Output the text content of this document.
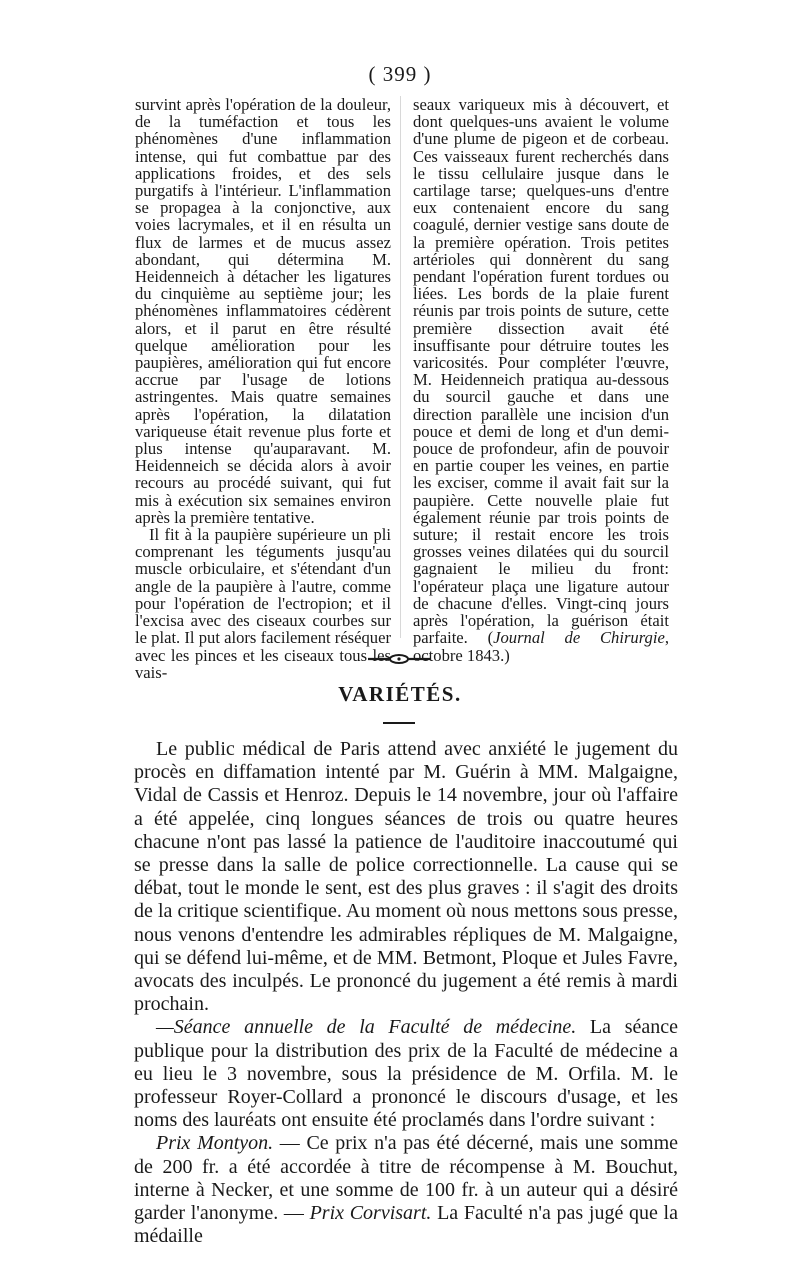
( 399 )

survint après l'opération de la douleur, de la tuméfaction et tous les phénomènes d'une inflammation intense, qui fut combattue par des applications froides, et des sels purgatifs à l'intérieur. L'inflammation se propagea à la conjonctive, aux voies lacrymales, et il en résulta un flux de larmes et de mucus assez abondant, qui détermina M. Heidenneich à détacher les ligatures du cinquième au septième jour; les phénomènes inflammatoires cédèrent alors, et il parut en être résulté quelque amélioration pour les paupières, amélioration qui fut encore accrue par l'usage de lotions astringentes. Mais quatre semaines après l'opération, la dilatation variqueuse était revenue plus forte et plus intense qu'auparavant. M. Heidenneich se décida alors à avoir recours au procédé suivant, qui fut mis à exécution six semaines environ après la première tentative.

Il fit à la paupière supérieure un pli comprenant les téguments jusqu'au muscle orbiculaire, et s'étendant d'un angle de la paupière à l'autre, comme pour l'opération de l'ectropion; et il l'excisa avec des ciseaux courbes sur le plat. Il put alors facilement réséquer avec les pinces et les ciseaux tous les vais-

seaux variqueux mis à découvert, et dont quelques-uns avaient le volume d'une plume de pigeon et de corbeau. Ces vaisseaux furent recherchés dans le tissu cellulaire jusque dans le cartilage tarse; quelques-uns d'entre eux contenaient encore du sang coagulé, dernier vestige sans doute de la première opération. Trois petites artérioles qui donnèrent du sang pendant l'opération furent tordues ou liées. Les bords de la plaie furent réunis par trois points de suture, cette première dissection avait été insuffisante pour détruire toutes les varicosités. Pour compléter l'œuvre, M. Heidenneich pratiqua au-dessous du sourcil gauche et dans une direction parallèle une incision d'un pouce et demi de long et d'un demi-pouce de profondeur, afin de pouvoir en partie couper les veines, en partie les exciser, comme il avait fait sur la paupière. Cette nouvelle plaie fut également réunie par trois points de suture; il restait encore les trois grosses veines dilatées qui du sourcil gagnaient le milieu du front: l'opérateur plaça une ligature autour de chacune d'elles. Vingt-cinq jours après l'opération, la guérison était parfaite. (Journal de Chirurgie, octobre 1843.)

VARIÉTÉS.

Le public médical de Paris attend avec anxiété le jugement du procès en diffamation intenté par M. Guérin à MM. Malgaigne, Vidal de Cassis et Henroz. Depuis le 14 novembre, jour où l'affaire a été appelée, cinq longues séances de trois ou quatre heures chacune n'ont pas lassé la patience de l'auditoire inaccoutumé qui se presse dans la salle de police correctionnelle. La cause qui se débat, tout le monde le sent, est des plus graves : il s'agit des droits de la critique scientifique. Au moment où nous mettons sous presse, nous venons d'entendre les admirables répliques de M. Malgaigne, qui se défend lui-même, et de MM. Betmont, Ploque et Jules Favre, avocats des inculpés. Le prononcé du jugement a été remis à mardi prochain.

—Séance annuelle de la Faculté de médecine. La séance publique pour la distribution des prix de la Faculté de médecine a eu lieu le 3 novembre, sous la présidence de M. Orfila. M. le professeur Royer-Collard a prononcé le discours d'usage, et les noms des lauréats ont ensuite été proclamés dans l'ordre suivant :

Prix Montyon. — Ce prix n'a pas été décerné, mais une somme de 200 fr. a été accordée à titre de récompense à M. Bouchut, interne à Necker, et une somme de 100 fr. à un auteur qui a désiré garder l'anonyme. — Prix Corvisart. La Faculté n'a pas jugé que la médaille
